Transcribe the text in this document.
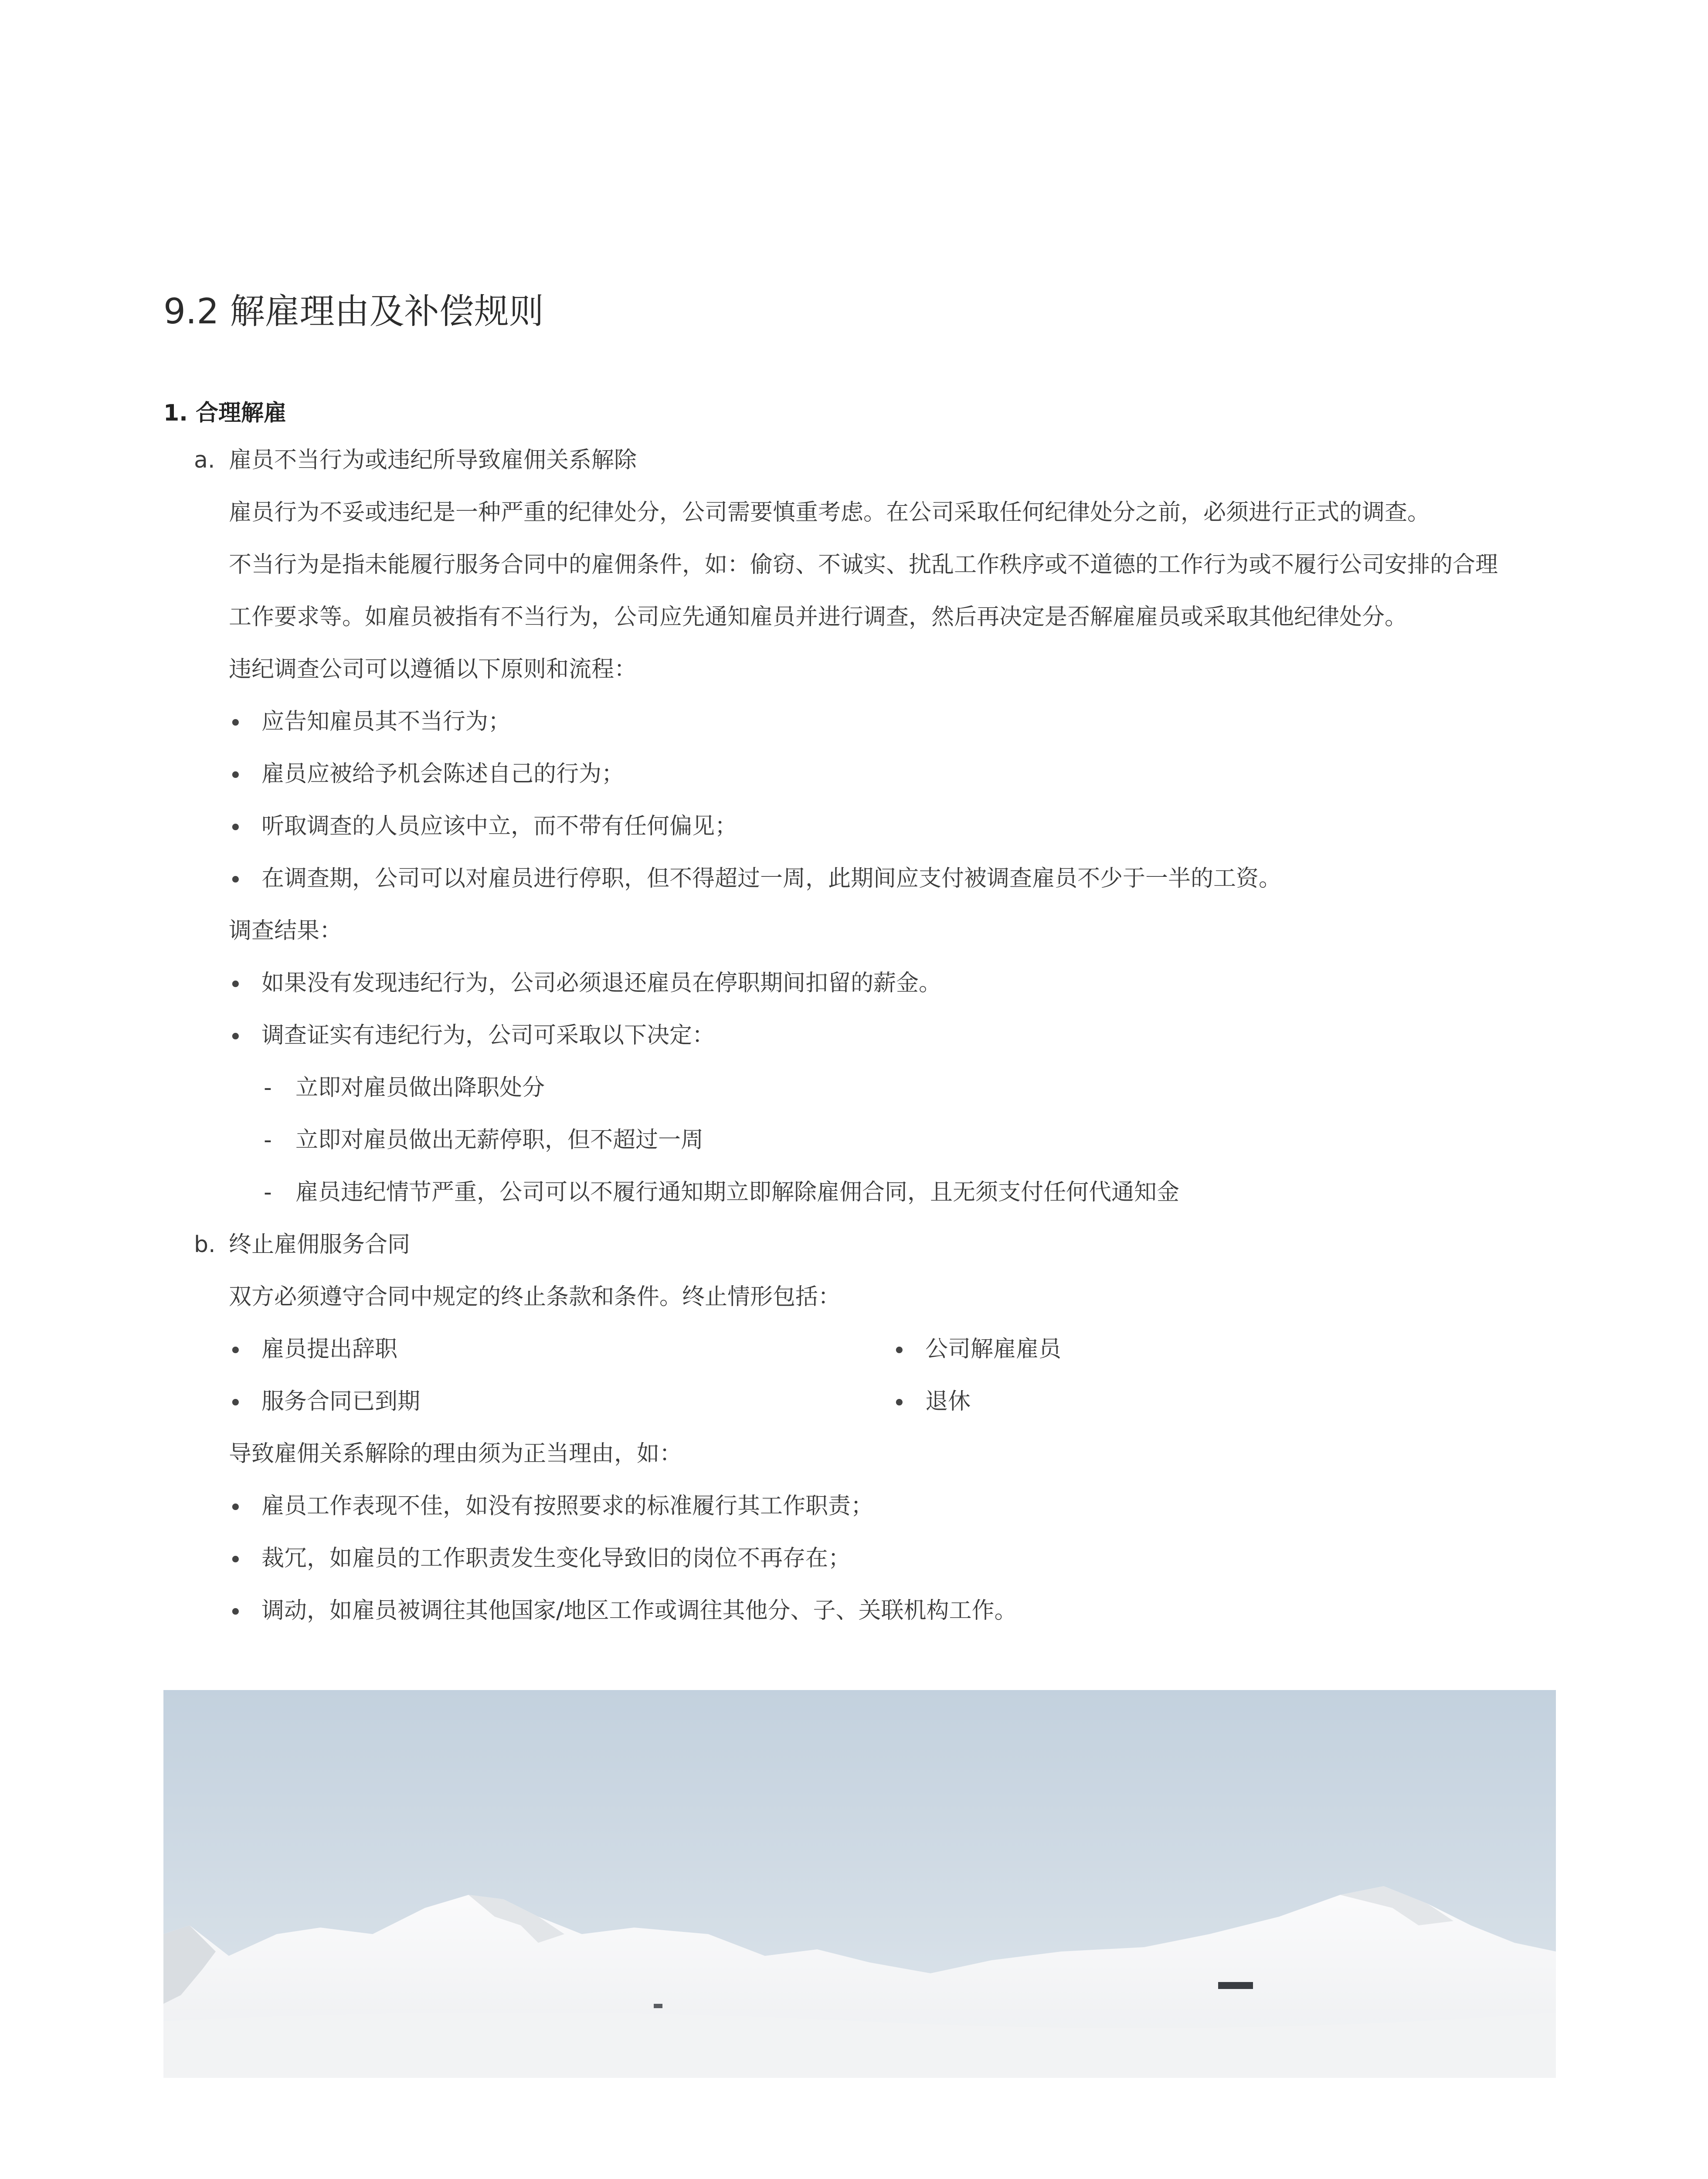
9.2 解雇理由及补偿规则
1. 合理解雇
a. 雇员不当行为或违纪所导致雇佣关系解除
雇员行为不妥或违纪是一种严重的纪律处分，公司需要慎重考虑。在公司采取任何纪律处分之前，必须进行正式的调查。
不当行为是指未能履行服务合同中的雇佣条件，如：偷窃、不诚实、扰乱工作秩序或不道德的工作行为或不履行公司安排的合理
工作要求等。如雇员被指有不当行为，公司应先通知雇员并进行调查，然后再决定是否解雇雇员或采取其他纪律处分。
违纪调查公司可以遵循以下原则和流程：
• 应告知雇员其不当行为；
• 雇员应被给予机会陈述自己的行为；
• 听取调查的人员应该中立，而不带有任何偏见；
• 在调查期，公司可以对雇员进行停职，但不得超过一周，此期间应支付被调查雇员不少于一半的工资。
调查结果：
• 如果没有发现违纪行为，公司必须退还雇员在停职期间扣留的薪金。
• 调查证实有违纪行为，公司可采取以下决定：
- 立即对雇员做出降职处分
- 立即对雇员做出无薪停职，但不超过一周
- 雇员违纪情节严重，公司可以不履行通知期立即解除雇佣合同，且无须支付任何代通知金
b. 终止雇佣服务合同
双方必须遵守合同中规定的终止条款和条件。终止情形包括：
• 雇员提出辞职	• 公司解雇雇员
• 服务合同已到期	• 退休
导致雇佣关系解除的理由须为正当理由，如：
• 雇员工作表现不佳，如没有按照要求的标准履行其工作职责；
• 裁冗，如雇员的工作职责发生变化导致旧的岗位不再存在；
• 调动，如雇员被调往其他国家/地区工作或调往其他分、子、关联机构工作。
